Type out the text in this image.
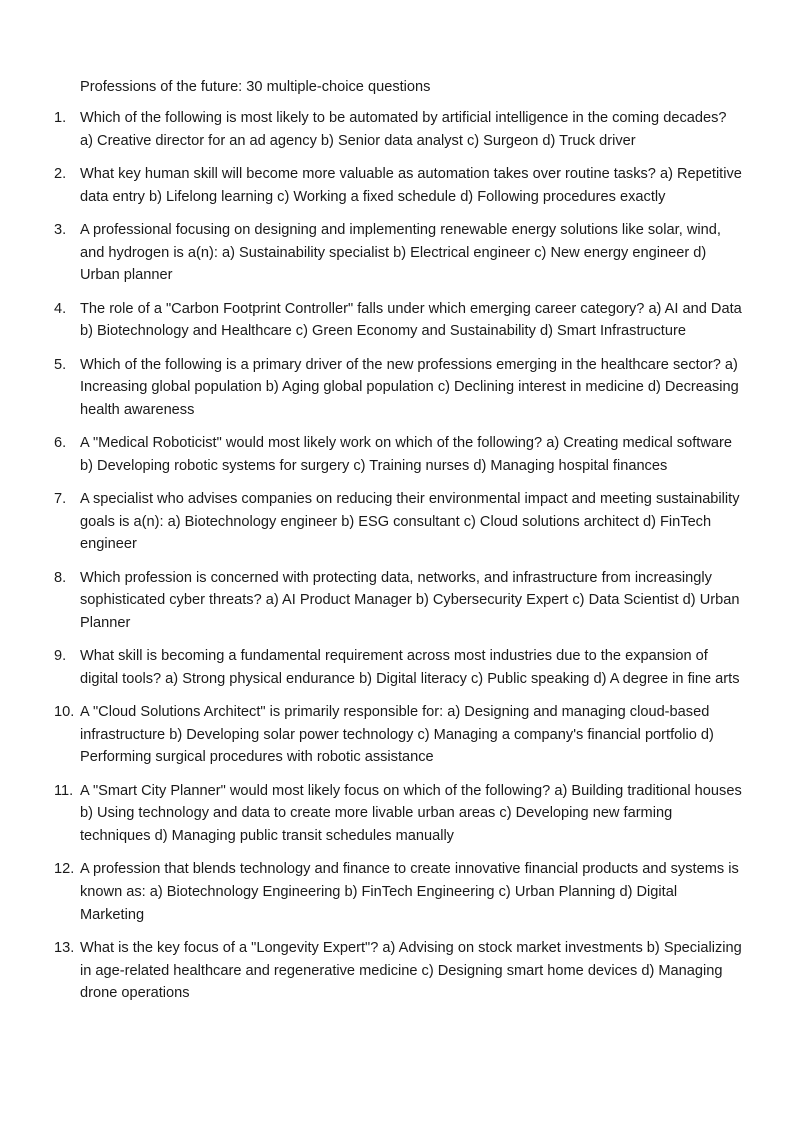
Professions of the future: 30 multiple-choice questions

1. Which of the following is most likely to be automated by artificial intelligence in the coming decades? a) Creative director for an ad agency b) Senior data analyst c) Surgeon d) Truck driver
2. What key human skill will become more valuable as automation takes over routine tasks? a) Repetitive data entry b) Lifelong learning c) Working a fixed schedule d) Following procedures exactly
3. A professional focusing on designing and implementing renewable energy solutions like solar, wind, and hydrogen is a(n): a) Sustainability specialist b) Electrical engineer c) New energy engineer d) Urban planner
4. The role of a "Carbon Footprint Controller" falls under which emerging career category? a) AI and Data b) Biotechnology and Healthcare c) Green Economy and Sustainability d) Smart Infrastructure
5. Which of the following is a primary driver of the new professions emerging in the healthcare sector? a) Increasing global population b) Aging global population c) Declining interest in medicine d) Decreasing health awareness
6. A "Medical Roboticist" would most likely work on which of the following? a) Creating medical software b) Developing robotic systems for surgery c) Training nurses d) Managing hospital finances
7. A specialist who advises companies on reducing their environmental impact and meeting sustainability goals is a(n): a) Biotechnology engineer b) ESG consultant c) Cloud solutions architect d) FinTech engineer
8. Which profession is concerned with protecting data, networks, and infrastructure from increasingly sophisticated cyber threats? a) AI Product Manager b) Cybersecurity Expert c) Data Scientist d) Urban Planner
9. What skill is becoming a fundamental requirement across most industries due to the expansion of digital tools? a) Strong physical endurance b) Digital literacy c) Public speaking d) A degree in fine arts
10. A "Cloud Solutions Architect" is primarily responsible for: a) Designing and managing cloud-based infrastructure b) Developing solar power technology c) Managing a company's financial portfolio d) Performing surgical procedures with robotic assistance
11. A "Smart City Planner" would most likely focus on which of the following? a) Building traditional houses b) Using technology and data to create more livable urban areas c) Developing new farming techniques d) Managing public transit schedules manually
12. A profession that blends technology and finance to create innovative financial products and systems is known as: a) Biotechnology Engineering b) FinTech Engineering c) Urban Planning d) Digital Marketing
13. What is the key focus of a "Longevity Expert"? a) Advising on stock market investments b) Specializing in age-related healthcare and regenerative medicine c) Designing smart home devices d) Managing drone operations
